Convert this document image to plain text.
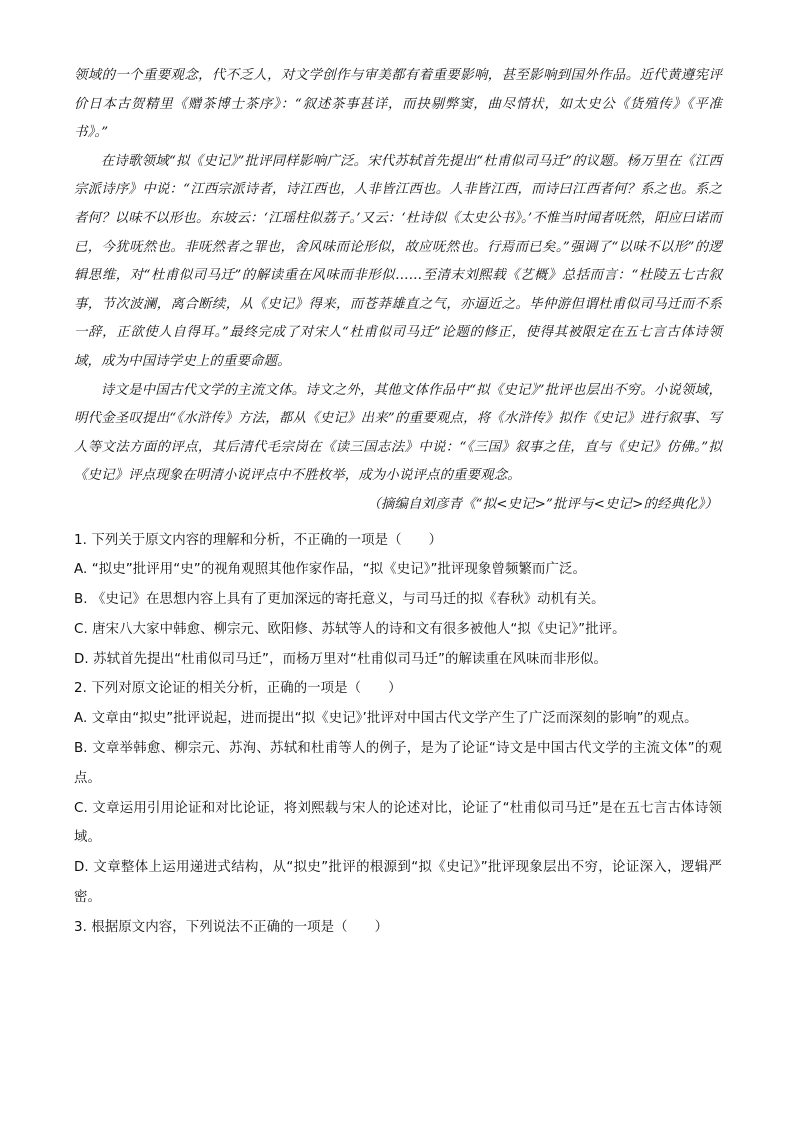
领域的一个重要观念，代不乏人，对文学创作与审美都有着重要影响，甚至影响到国外作品。近代黄遵宪评价日本古贺精里《赠茶博士茶序》：“叙述茶事甚详，而抉剔弊窦，曲尽情状，如太史公《货殖传》《平准书》。”

在诗歌领域“拟《史记》”批评同样影响广泛。宋代苏轼首先提出“杜甫似司马迁”的议题。杨万里在《江西宗派诗序》中说：“江西宗派诗者，诗江西也，人非皆江西也。人非皆江西，而诗曰江西者何？系之也。系之者何？以味不以形也。东坡云：‘江瑶柱似荔子。’又云：‘杜诗似《太史公书》。’不惟当时闻者呒然，阳应曰诺而已，今犹呒然也。非呒然者之罪也，舍风味而论形似，故应呒然也。行焉而已矣。”强调了“以味不以形”的逻辑思维，对“杜甫似司马迁”的解读重在风味而非形似……至清末刘熙载《艺概》总括而言：“杜陵五七古叙事，节次波澜，离合断续，从《史记》得来，而苍莽雄直之气，亦逼近之。毕仲游但谓杜甫似司马迁而不系一辞，正欲使人自得耳。”最终完成了对宋人“杜甫似司马迁”论题的修正，使得其被限定在五七言古体诗领域，成为中国诗学史上的重要命题。

诗文是中国古代文学的主流文体。诗文之外，其他文体作品中“拟《史记》”批评也层出不穷。小说领域，明代金圣叹提出“《水浒传》方法，都从《史记》出来”的重要观点，将《水浒传》拟作《史记》进行叙事、写人等文法方面的评点，其后清代毛宗岗在《读三国志法》中说：“《三国》叙事之佳，直与《史记》仿佛。”拟《史记》评点现象在明清小说评点中不胜枚举，成为小说评点的重要观念。

（摘编自刘彦青《“拟<史记>”批评与<史记>的经典化》）

1. 下列关于原文内容的理解和分析，不正确的一项是（　　）

A. “拟史”批评用“史”的视角观照其他作家作品，“拟《史记》”批评现象曾频繁而广泛。

B. 《史记》在思想内容上具有了更加深远的寄托意义，与司马迁的拟《春秋》动机有关。

C. 唐宋八大家中韩愈、柳宗元、欧阳修、苏轼等人的诗和文有很多被他人“拟《史记》”批评。

D. 苏轼首先提出“杜甫似司马迁”，而杨万里对“杜甫似司马迁”的解读重在风味而非形似。

2. 下列对原文论证的相关分析，正确的一项是（　　）

A. 文章由“拟史”批评说起，进而提出“拟《史记》’批评对中国古代文学产生了广泛而深刻的影响”的观点。

B. 文章举韩愈、柳宗元、苏洵、苏轼和杜甫等人的例子，是为了论证“诗文是中国古代文学的主流文体”的观点。

C. 文章运用引用论证和对比论证，将刘熙载与宋人的论述对比，论证了“杜甫似司马迁”是在五七言古体诗领域。

D. 文章整体上运用递进式结构，从“拟史”批评的根源到“拟《史记》”批评现象层出不穷，论证深入，逻辑严密。

3. 根据原文内容，下列说法不正确的一项是（　　）
